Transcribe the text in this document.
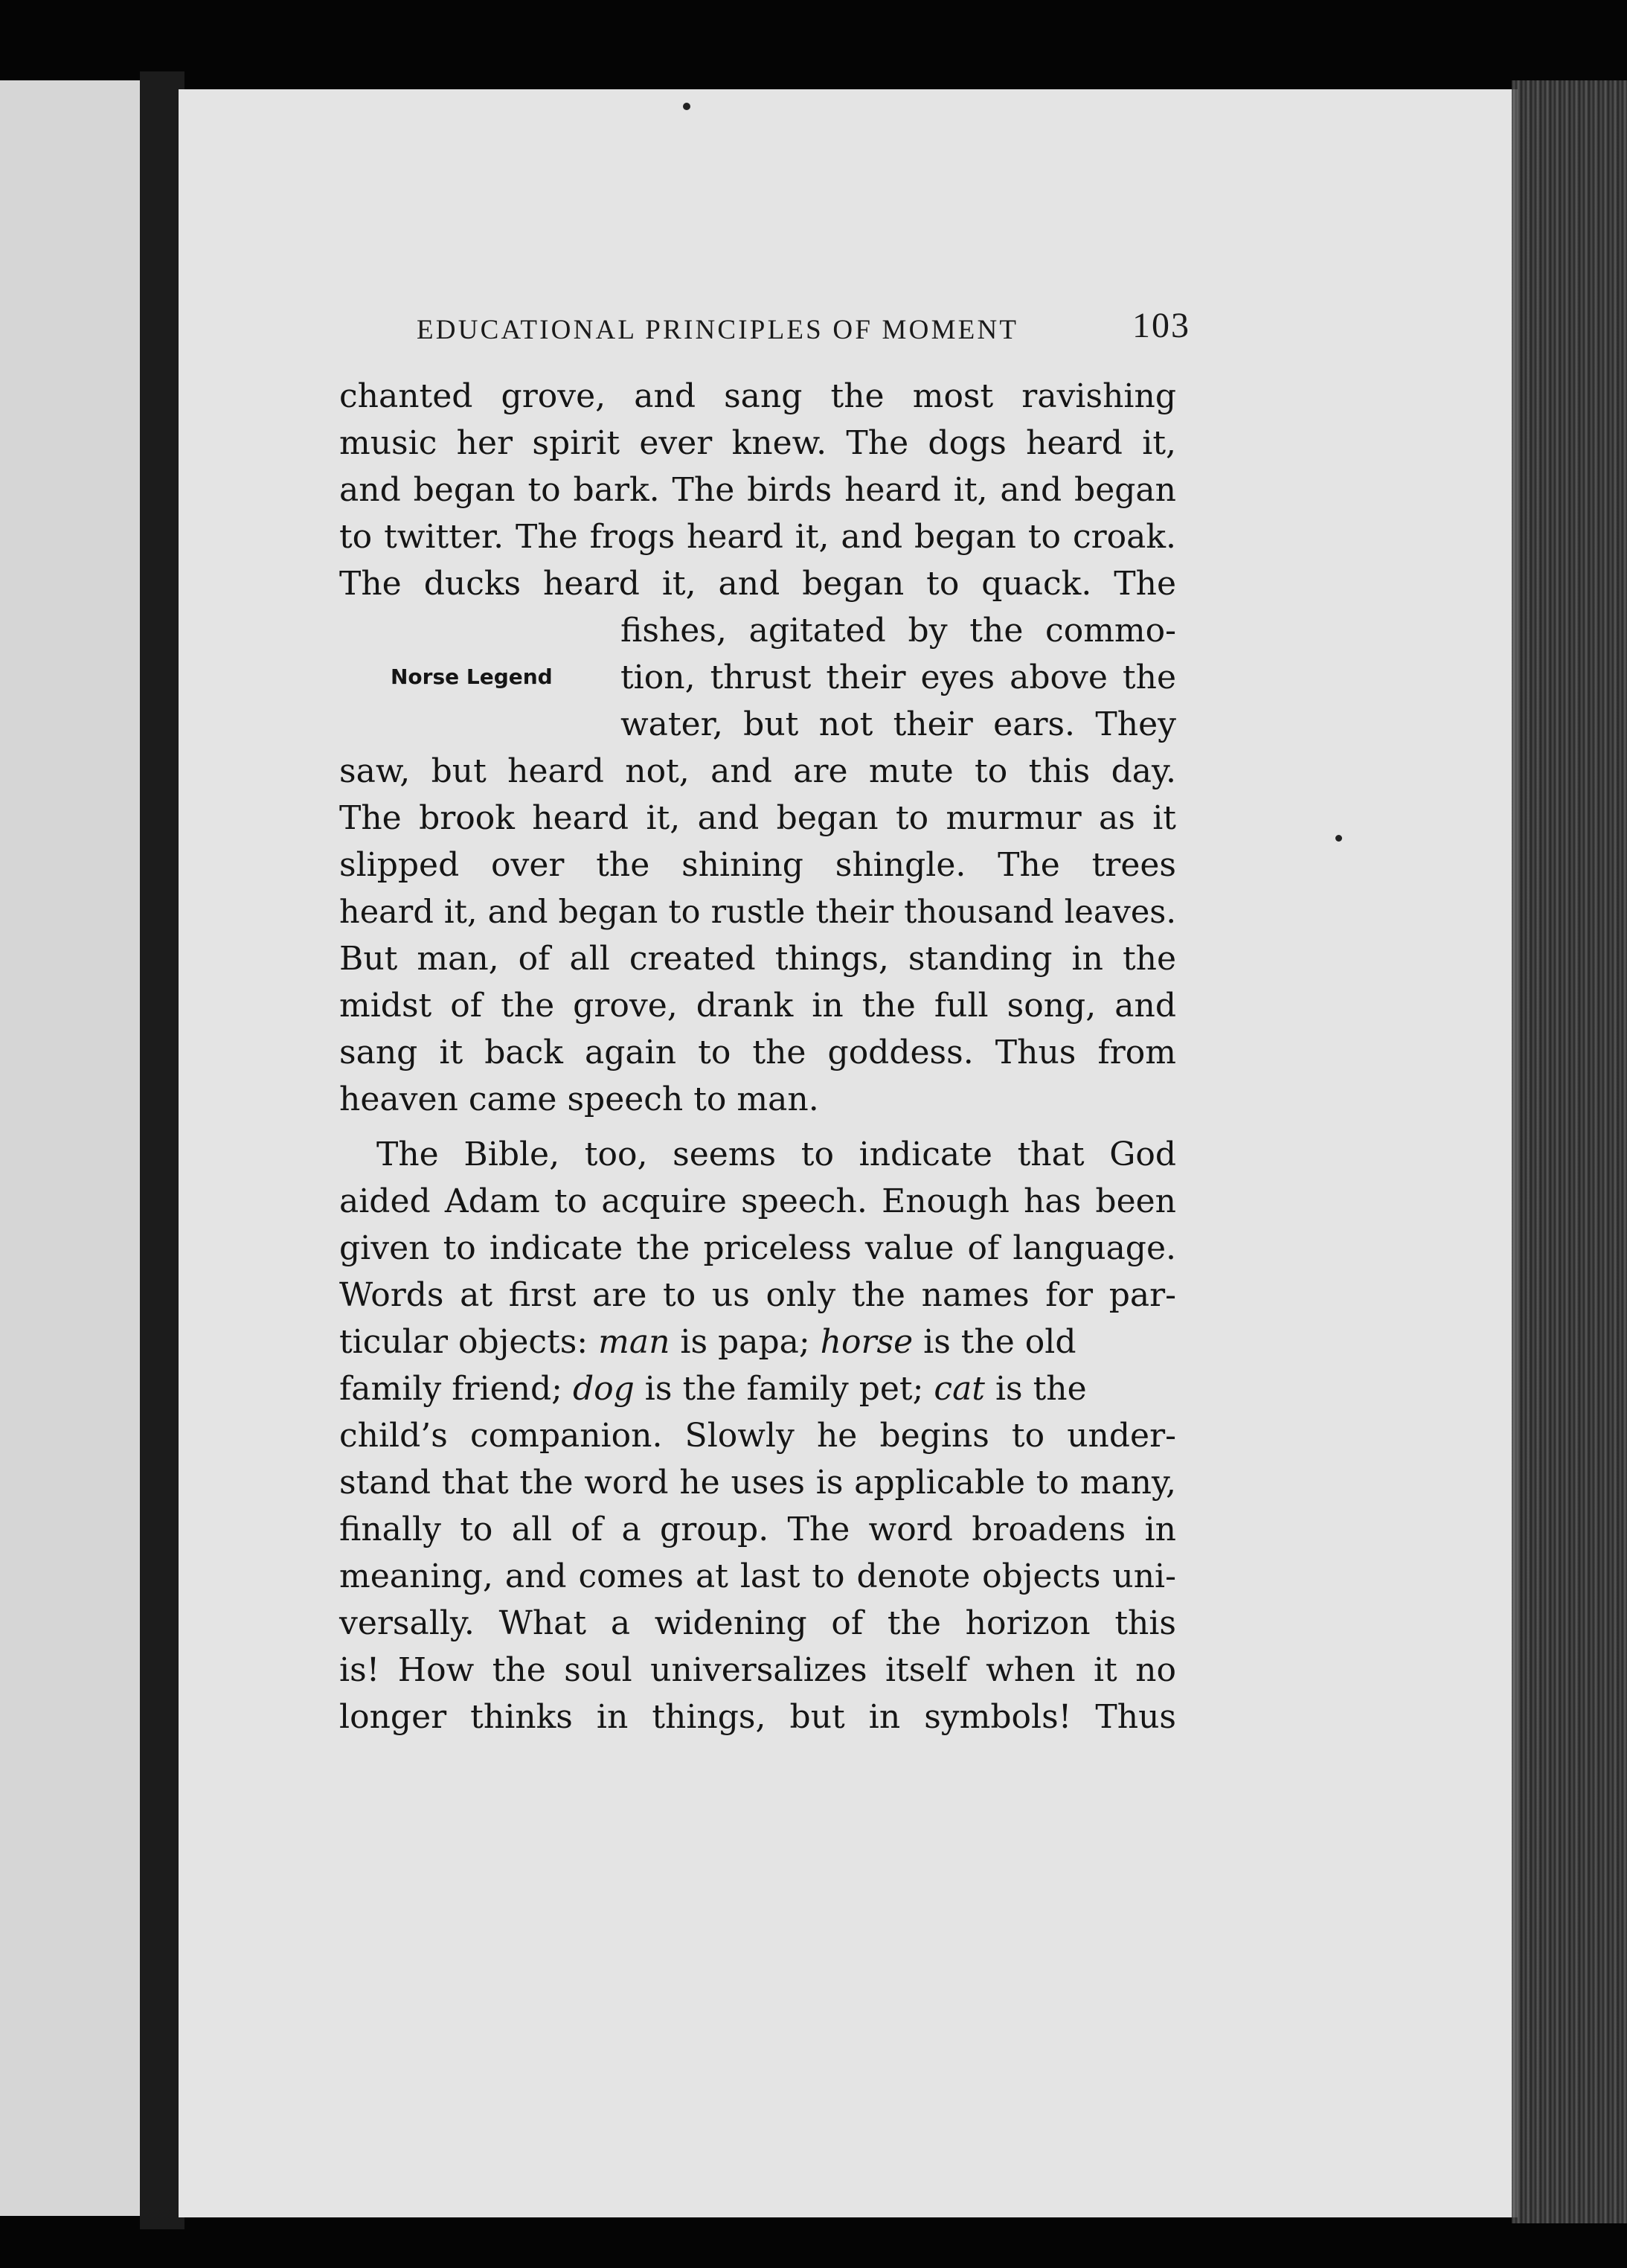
EDUCATIONAL PRINCIPLES OF MOMENT	103
Norse Legend
chanted grove, and sang the most ravishing
music her spirit ever knew. The dogs heard it,
and began to bark. The birds heard it, and began
to twitter. The frogs heard it, and began to croak.
The ducks heard it, and began to quack. The
fishes, agitated by the commo-
tion, thrust their eyes above the
water, but not their ears. They
saw, but heard not, and are mute to this day.
The brook heard it, and began to murmur as it
slipped over the shining shingle. The trees
heard it, and began to rustle their thousand leaves.
But man, of all created things, standing in the
midst of the grove, drank in the full song, and
sang it back again to the goddess. Thus from
heaven came speech to man.
The Bible, too, seems to indicate that God
aided Adam to acquire speech. Enough has been
given to indicate the priceless value of language.
Words at first are to us only the names for par-
ticular objects: man is papa; horse is the old
family friend; dog is the family pet; cat is the
child’s companion. Slowly he begins to under-
stand that the word he uses is applicable to many,
finally to all of a group. The word broadens in
meaning, and comes at last to denote objects uni-
versally. What a widening of the horizon this
is! How the soul universalizes itself when it no
longer thinks in things, but in symbols! Thus
